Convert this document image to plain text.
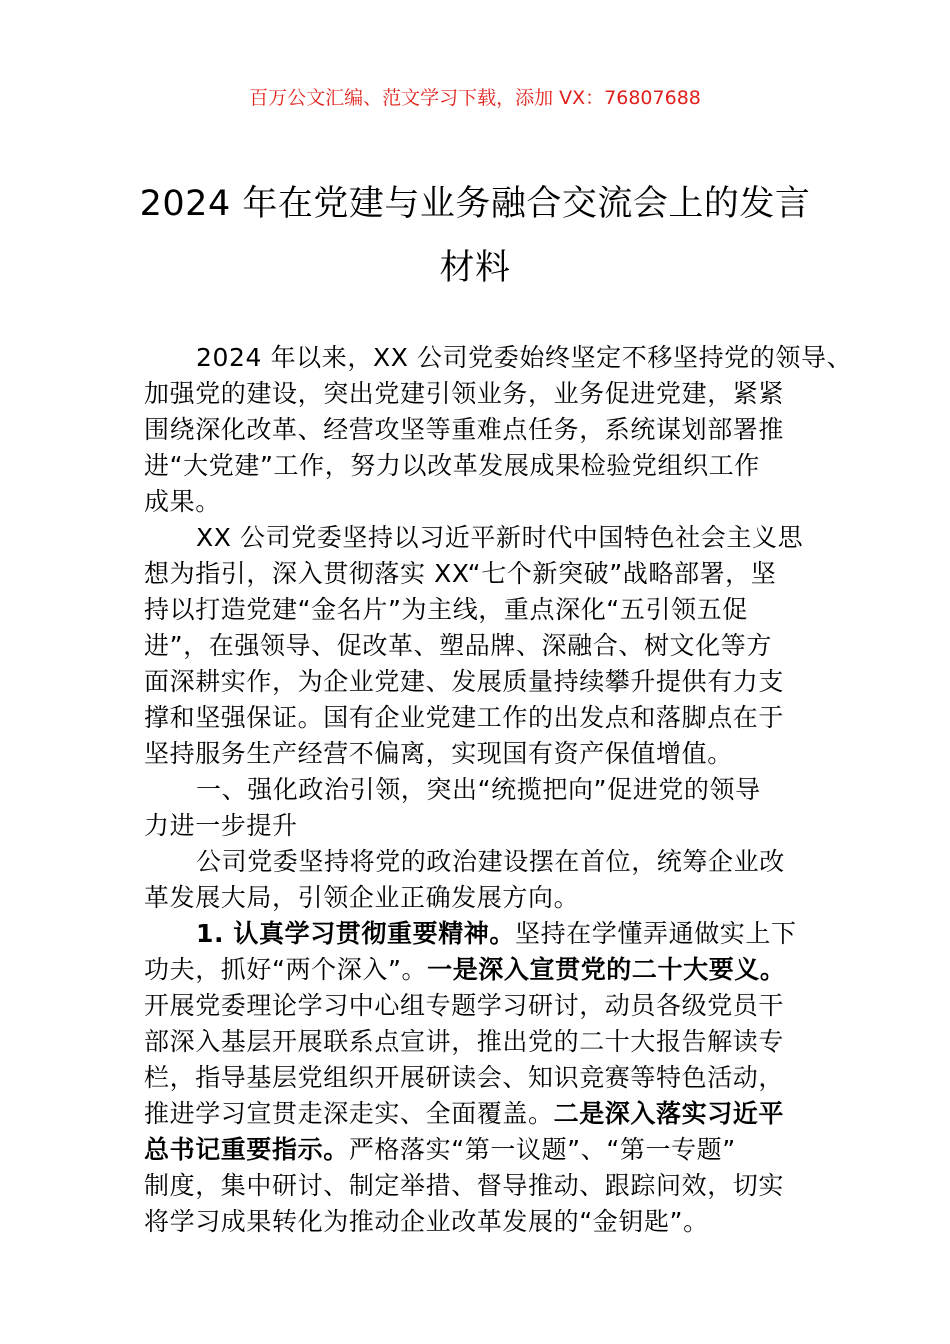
百万公文汇编、范文学习下载，添加 VX：76807688
2024 年在党建与业务融合交流会上的发言
材料

2024 年以来，XX 公司党委始终坚定不移坚持党的领导、
加强党的建设，突出党建引领业务，业务促进党建，紧紧
围绕深化改革、经营攻坚等重难点任务，系统谋划部署推
进“大党建”工作，努力以改革发展成果检验党组织工作
成果。

XX 公司党委坚持以习近平新时代中国特色社会主义思
想为指引，深入贯彻落实 XX“七个新突破”战略部署，坚
持以打造党建“金名片”为主线，重点深化“五引领五促
进”，在强领导、促改革、塑品牌、深融合、树文化等方
面深耕实作，为企业党建、发展质量持续攀升提供有力支
撑和坚强保证。国有企业党建工作的出发点和落脚点在于
坚持服务生产经营不偏离，实现国有资产保值增值。

一、强化政治引领，突出“统揽把向”促进党的领导
力进一步提升

公司党委坚持将党的政治建设摆在首位，统筹企业改
革发展大局，引领企业正确发展方向。

1. 认真学习贯彻重要精神。坚持在学懂弄通做实上下
功夫，抓好“两个深入”。一是深入宣贯党的二十大要义。
开展党委理论学习中心组专题学习研讨，动员各级党员干
部深入基层开展联系点宣讲，推出党的二十大报告解读专
栏，指导基层党组织开展研读会、知识竞赛等特色活动，
推进学习宣贯走深走实、全面覆盖。二是深入落实习近平
总书记重要指示。严格落实“第一议题”、“第一专题”
制度，集中研讨、制定举措、督导推动、跟踪问效，切实
将学习成果转化为推动企业改革发展的“金钥匙”。
